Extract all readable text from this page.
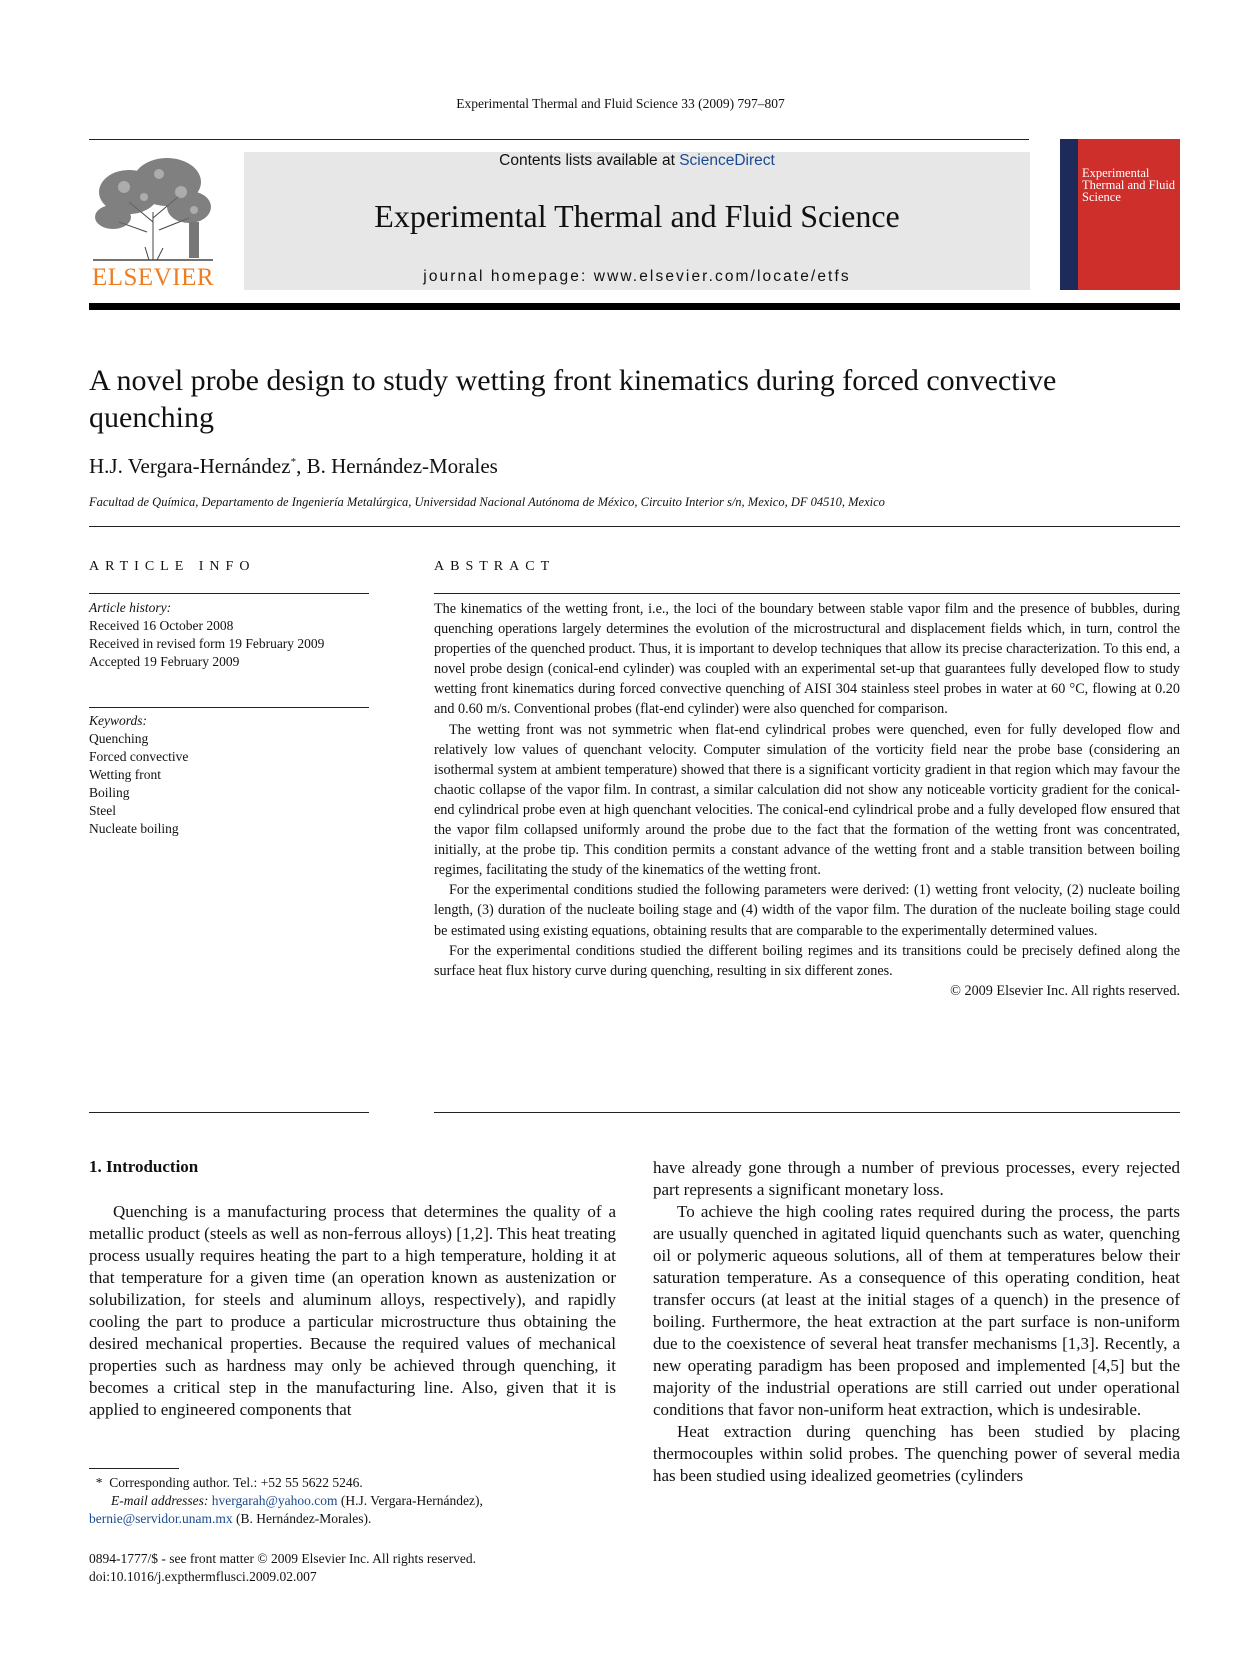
Experimental Thermal and Fluid Science 33 (2009) 797–807
ELSEVIER
Contents lists available at ScienceDirect
Experimental Thermal and Fluid Science
journal homepage: www.elsevier.com/locate/etfs
Experimental Thermal and Fluid Science
A novel probe design to study wetting front kinematics during forced convective quenching
H.J. Vergara-Hernández*, B. Hernández-Morales
Facultad de Química, Departamento de Ingeniería Metalúrgica, Universidad Nacional Autónoma de México, Circuito Interior s/n, Mexico, DF 04510, Mexico
ARTICLE INFO	ABSTRACT
Article history:
Received 16 October 2008
Received in revised form 19 February 2009
Accepted 19 February 2009
Keywords:
Quenching
Forced convective
Wetting front
Boiling
Steel
Nucleate boiling

The kinematics of the wetting front, i.e., the loci of the boundary between stable vapor film and the presence of bubbles, during quenching operations largely determines the evolution of the microstructural and displacement fields which, in turn, control the properties of the quenched product. Thus, it is important to develop techniques that allow its precise characterization. To this end, a novel probe design (conical-end cylinder) was coupled with an experimental set-up that guarantees fully developed flow to study wetting front kinematics during forced convective quenching of AISI 304 stainless steel probes in water at 60 °C, flowing at 0.20 and 0.60 m/s. Conventional probes (flat-end cylinder) were also quenched for comparison.

The wetting front was not symmetric when flat-end cylindrical probes were quenched, even for fully developed flow and relatively low values of quenchant velocity. Computer simulation of the vorticity field near the probe base (considering an isothermal system at ambient temperature) showed that there is a significant vorticity gradient in that region which may favour the chaotic collapse of the vapor film. In contrast, a similar calculation did not show any noticeable vorticity gradient for the conical-end cylindrical probe even at high quenchant velocities. The conical-end cylindrical probe and a fully developed flow ensured that the vapor film collapsed uniformly around the probe due to the fact that the formation of the wetting front was concentrated, initially, at the probe tip. This condition permits a constant advance of the wetting front and a stable transition between boiling regimes, facilitating the study of the kinematics of the wetting front.

For the experimental conditions studied the following parameters were derived: (1) wetting front velocity, (2) nucleate boiling length, (3) duration of the nucleate boiling stage and (4) width of the vapor film. The duration of the nucleate boiling stage could be estimated using existing equations, obtaining results that are comparable to the experimentally determined values.

For the experimental conditions studied the different boiling regimes and its transitions could be precisely defined along the surface heat flux history curve during quenching, resulting in six different zones.

© 2009 Elsevier Inc. All rights reserved.

1. Introduction

Quenching is a manufacturing process that determines the quality of a metallic product (steels as well as non-ferrous alloys) [1,2]. This heat treating process usually requires heating the part to a high temperature, holding it at that temperature for a given time (an operation known as austenization or solubilization, for steels and aluminum alloys, respectively), and rapidly cooling the part to produce a particular microstructure thus obtaining the desired mechanical properties. Because the required values of mechanical properties such as hardness may only be achieved through quenching, it becomes a critical step in the manufacturing line. Also, given that it is applied to engineered components that

have already gone through a number of previous processes, every rejected part represents a significant monetary loss.

To achieve the high cooling rates required during the process, the parts are usually quenched in agitated liquid quenchants such as water, quenching oil or polymeric aqueous solutions, all of them at temperatures below their saturation temperature. As a consequence of this operating condition, heat transfer occurs (at least at the initial stages of a quench) in the presence of boiling. Furthermore, the heat extraction at the part surface is non-uniform due to the coexistence of several heat transfer mechanisms [1,3]. Recently, a new operating paradigm has been proposed and implemented [4,5] but the majority of the industrial operations are still carried out under operational conditions that favor non-uniform heat extraction, which is undesirable.

Heat extraction during quenching has been studied by placing thermocouples within solid probes. The quenching power of several media has been studied using idealized geometries (cylinders

* Corresponding author. Tel.: +52 55 5622 5246.
E-mail addresses: hvergarah@yahoo.com (H.J. Vergara-Hernández), bernie@servidor.unam.mx (B. Hernández-Morales).
0894-1777/$ - see front matter © 2009 Elsevier Inc. All rights reserved.
doi:10.1016/j.expthermflusci.2009.02.007
